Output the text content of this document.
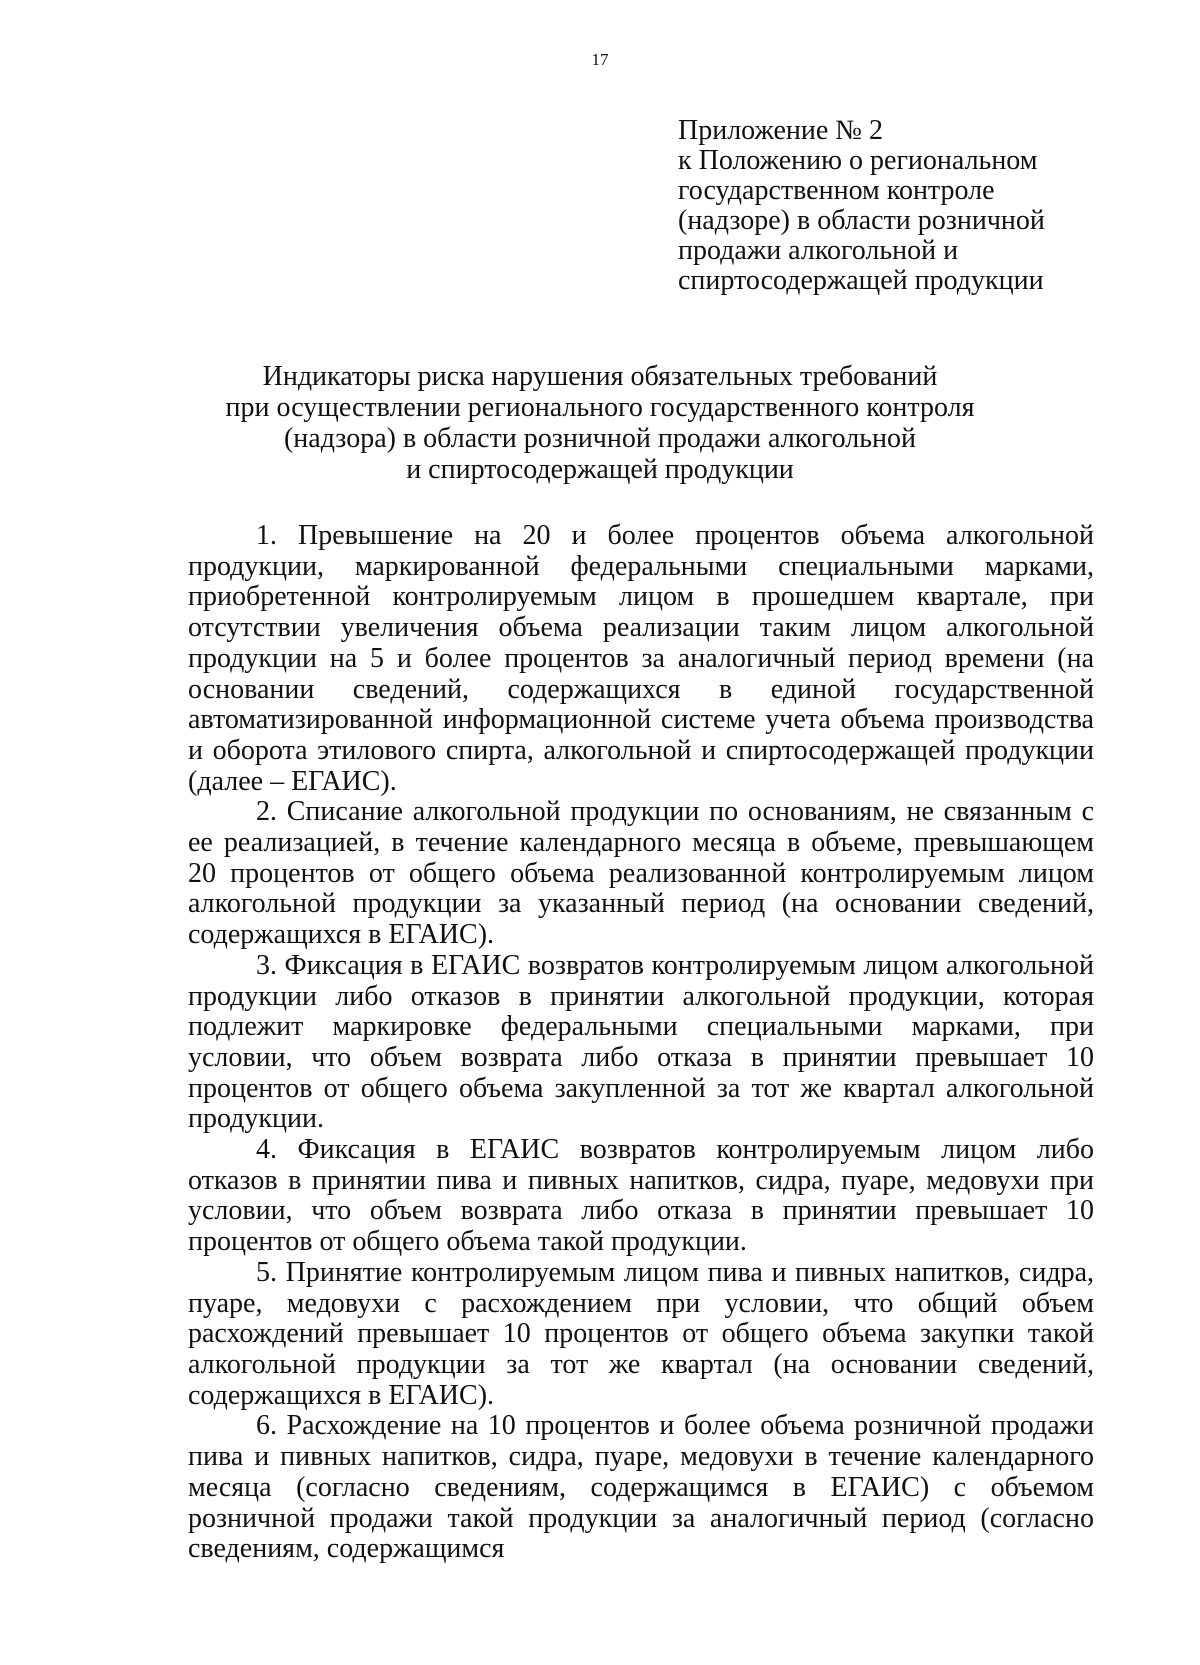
17
Приложение № 2
к Положению о региональном
государственном контроле
(надзоре) в области розничной
продажи алкогольной и
спиртосодержащей продукции
Индикаторы риска нарушения обязательных требований
при осуществлении регионального государственного контроля
(надзора) в области розничной продажи алкогольной
и спиртосодержащей продукции

1. Превышение на 20 и более процентов объема алкогольной продукции, маркированной федеральными специальными марками, приобретенной контролируемым лицом в прошедшем квартале, при отсутствии увеличения объема реализации таким лицом алкогольной продукции на 5 и более процентов за аналогичный период времени (на основании сведений, содержащихся в единой государственной автоматизированной информационной системе учета объема производства и оборота этилового спирта, алкогольной и спиртосодержащей продукции (далее – ЕГАИС).

2. Списание алкогольной продукции по основаниям, не связанным с ее реализацией, в течение календарного месяца в объеме, превышающем 20 процентов от общего объема реализованной контролируемым лицом алкогольной продукции за указанный период (на основании сведений, содержащихся в ЕГАИС).

3. Фиксация в ЕГАИС возвратов контролируемым лицом алкогольной продукции либо отказов в принятии алкогольной продукции, которая подлежит маркировке федеральными специальными марками, при условии, что объем возврата либо отказа в принятии превышает 10 процентов от общего объема закупленной за тот же квартал алкогольной продукции.

4. Фиксация в ЕГАИС возвратов контролируемым лицом либо отказов в принятии пива и пивных напитков, сидра, пуаре, медовухи при условии, что объем возврата либо отказа в принятии превышает 10 процентов от общего объема такой продукции.

5. Принятие контролируемым лицом пива и пивных напитков, сидра, пуаре, медовухи с расхождением при условии, что общий объем расхождений превышает 10 процентов от общего объема закупки такой алкогольной продукции за тот же квартал (на основании сведений, содержащихся в ЕГАИС).

6. Расхождение на 10 процентов и более объема розничной продажи пива и пивных напитков, сидра, пуаре, медовухи в течение календарного месяца (согласно сведениям, содержащимся в ЕГАИС) с объемом розничной продажи такой продукции за аналогичный период (согласно сведениям, содержащимся
